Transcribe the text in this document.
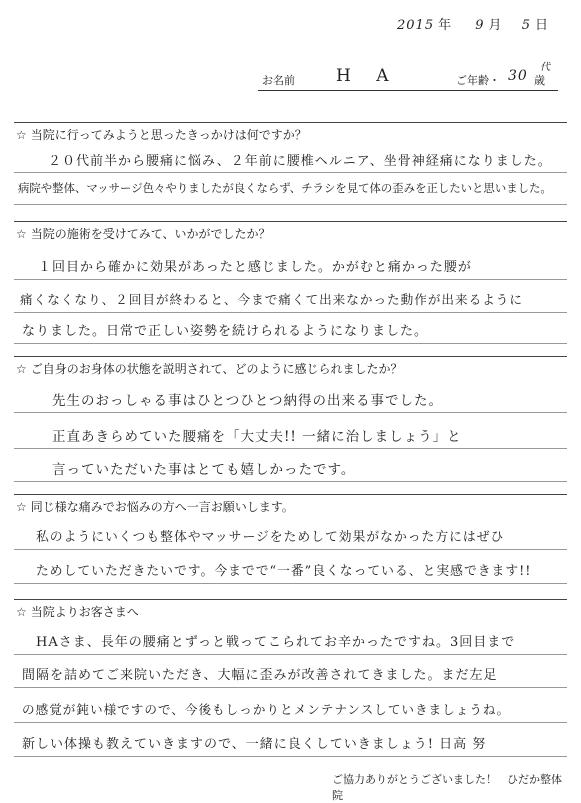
2015 年 9 月 5 日
お名前 H A	ご年齢・ 30 歳
代
☆ 当院に行ってみようと思ったきっかけは何ですか？
２０代前半から腰痛に悩み、２年前に腰椎ヘルニア、坐骨神経痛になりました。
病院や整体、マッサージ色々やりましたが良くならず、チラシを見て体の歪みを正したいと思いました。
☆ 当院の施術を受けてみて、いかがでしたか？
１回目から確かに効果があったと感じました。かがむと痛かった腰が
痛くなくなり、２回目が終わると、今まで痛くて出来なかった動作が出来るように
なりました。日常で正しい姿勢を続けられるようになりました。
☆ ご自身のお身体の状態を説明されて、どのように感じられましたか？
先生のおっしゃる事はひとつひとつ納得の出来る事でした。
正直あきらめていた腰痛を「大丈夫!! 一緒に治しましょう」と
言っていただいた事はとても嬉しかったです。
☆ 同じ様な痛みでお悩みの方へ一言お願いします。
私のようにいくつも整体やマッサージをためして効果がなかった方にはぜひ
ためしていただきたいです。今までで“一番”良くなっている、と実感できます!!
☆ 当院よりお客さまへ
HAさま、長年の腰痛とずっと戦ってこられてお辛かったですね。3回目まで
間隔を詰めてご来院いただき、大幅に歪みが改善されてきました。まだ左足
の感覚が鈍い様ですので、今後もしっかりとメンテナンスしていきましょうね。
新しい体操も教えていきますので、一緒に良くしていきましょう! 日高 努
ご協力ありがとうございました！ ひだか整体院
